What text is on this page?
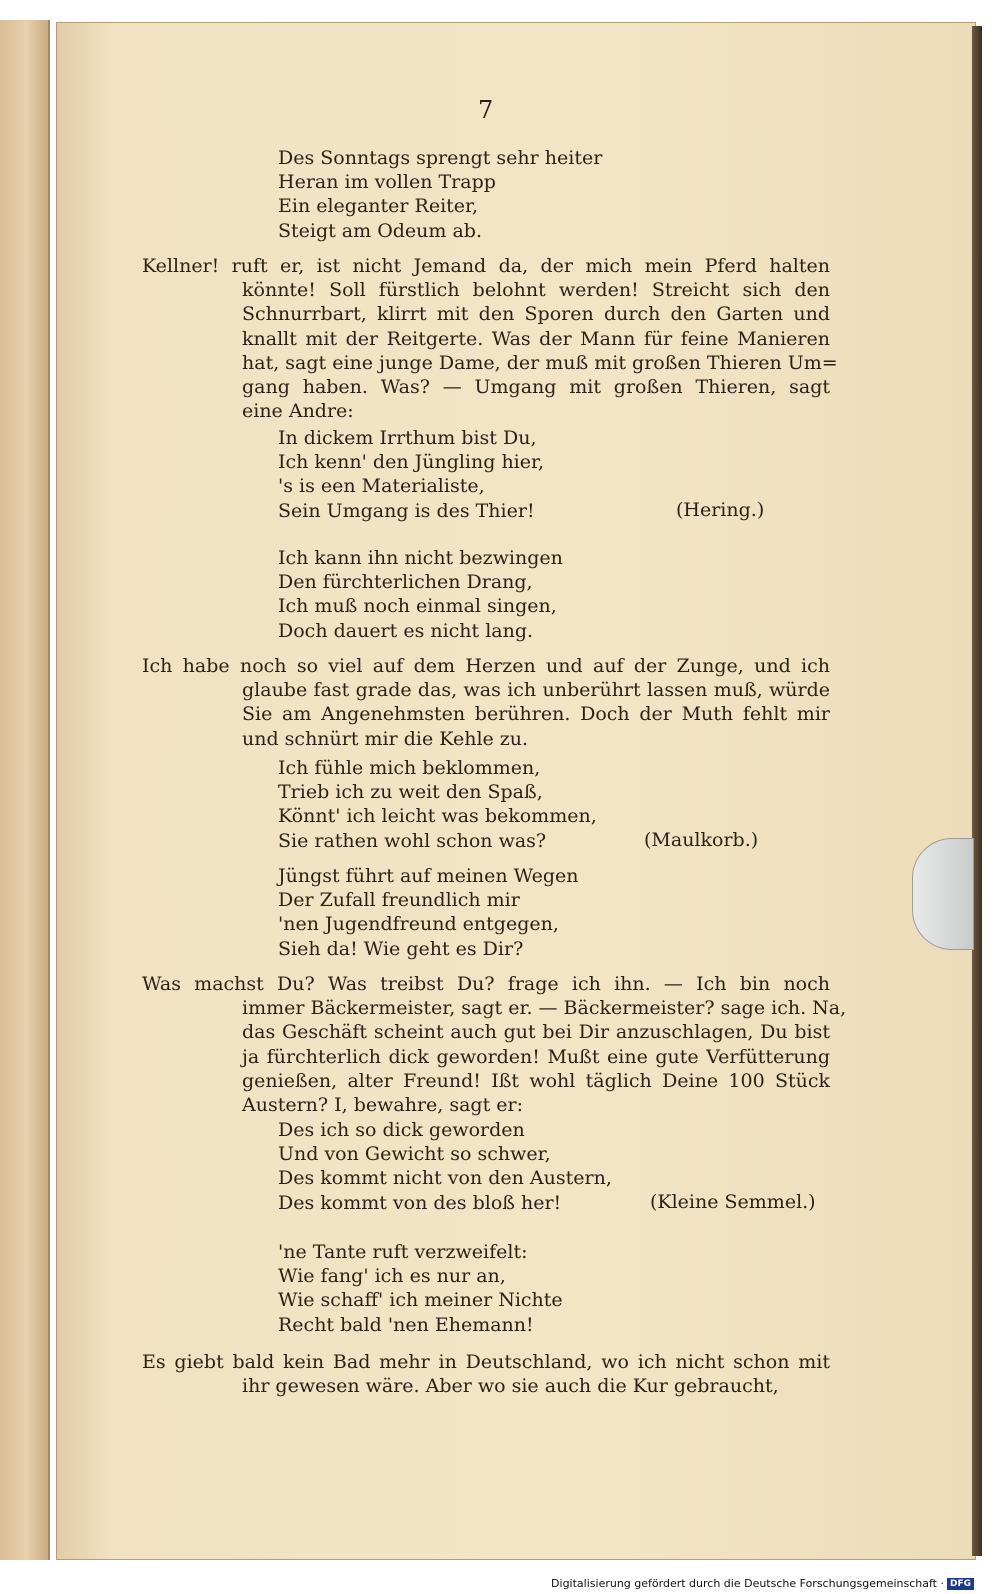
7
Des Sonntags sprengt sehr heiter
Heran im vollen Trapp
Ein eleganter Reiter,
Steigt am Odeum ab.
Kellner! ruft er, ist nicht Jemand da, der mich mein Pferd halten
könnte! Soll fürstlich belohnt werden! Streicht sich den
Schnurrbart, klirrt mit den Sporen durch den Garten und
knallt mit der Reitgerte. Was der Mann für feine Manieren
hat, sagt eine junge Dame, der muß mit großen Thieren Um=
gang haben. Was? — Umgang mit großen Thieren, sagt
eine Andre:
In dickem Irrthum bist Du,
Ich kenn' den Jüngling hier,
's is een Materialiste,
Sein Umgang is des Thier!	(Hering.)
Ich kann ihn nicht bezwingen
Den fürchterlichen Drang,
Ich muß noch einmal singen,
Doch dauert es nicht lang.
Ich habe noch so viel auf dem Herzen und auf der Zunge, und ich
glaube fast grade das, was ich unberührt lassen muß, würde
Sie am Angenehmsten berühren. Doch der Muth fehlt mir
und schnürt mir die Kehle zu.
Ich fühle mich beklommen,
Trieb ich zu weit den Spaß,
Könnt' ich leicht was bekommen,
Sie rathen wohl schon was?	(Maulkorb.)
Jüngst führt auf meinen Wegen
Der Zufall freundlich mir
'nen Jugendfreund entgegen,
Sieh da! Wie geht es Dir?
Was machst Du? Was treibst Du? frage ich ihn. — Ich bin noch
immer Bäckermeister, sagt er. — Bäckermeister? sage ich. Na,
das Geschäft scheint auch gut bei Dir anzuschlagen, Du bist
ja fürchterlich dick geworden! Mußt eine gute Verfütterung
genießen, alter Freund! Ißt wohl täglich Deine 100 Stück
Austern? I, bewahre, sagt er:
Des ich so dick geworden
Und von Gewicht so schwer,
Des kommt nicht von den Austern,
Des kommt von des bloß her!	(Kleine Semmel.)
'ne Tante ruft verzweifelt:
Wie fang' ich es nur an,
Wie schaff' ich meiner Nichte
Recht bald 'nen Ehemann!
Es giebt bald kein Bad mehr in Deutschland, wo ich nicht schon mit
ihr gewesen wäre. Aber wo sie auch die Kur gebraucht,
Digitalisierung gefördert durch die Deutsche Forschungsgemeinschaft · DFG
